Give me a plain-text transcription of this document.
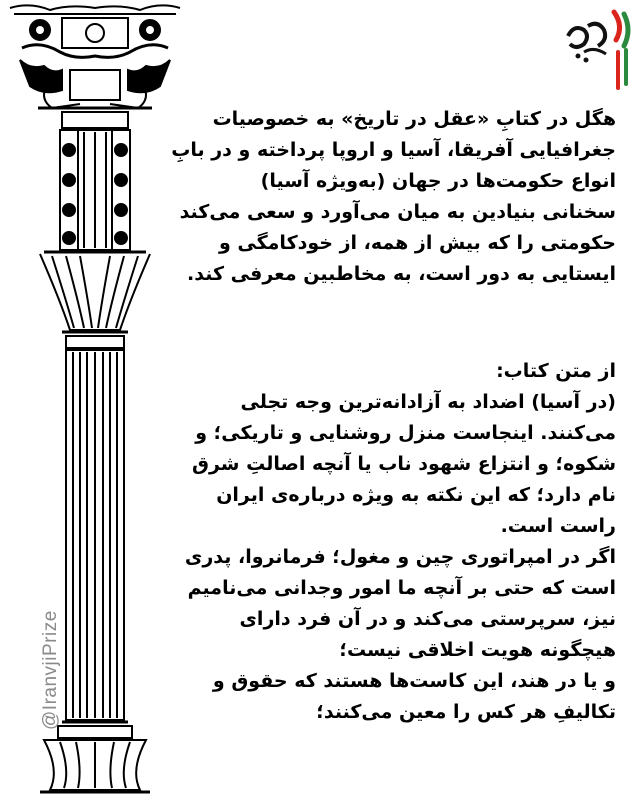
@IranvjiPrize
هگل در کتابِ «عقل در تاریخ» به خصوصیات
جغرافیایی آفریقا، آسیا و اروپا پرداخته و در بابِ
انواع حکومت‌ها در جهان (به‌ویژه آسیا)
سخنانی بنیادین به میان می‌آورد و سعی می‌کند
حکومتی را که بیش از همه، از خودکامگی و
ایستایی به دور است، به مخاطبین معرفی کند.
از متن کتاب:
(در آسیا) اضداد به آزادانه‌ترین وجه تجلی
می‌کنند. اینجاست منزل روشنایی و تاریکی؛ و
شکوه؛ و انتزاع شهود ناب یا آنچه اصالتِ شرق
نام دارد؛ که این نکته به ویژه درباره‌ی ایران
راست است.
اگر در امپراتوری چین و مغول؛ فرمانروا، پدری
است که حتی بر آنچه ما امور وجدانی می‌نامیم
نیز، سرپرستی می‌کند و در آن فرد دارای
هیچگونه هویت اخلاقی نیست؛
و یا در هند، این کاست‌ها هستند که حقوق و
تکالیفِ هر کس را معین می‌کنند؛
